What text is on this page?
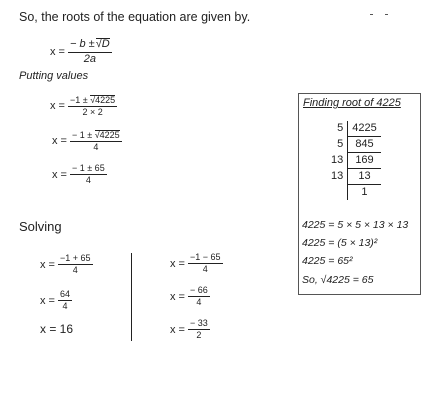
So, the roots of the equation are given by.
$x = \frac{- b \pm√D}{2a}$
Putting values
$x = \frac{-1 \pm √4225}{2 \times 2}$
$x = \frac{- 1 \pm √4225}{4}$
$x = \frac{- 1 \pm 65}{4}$
Solving
$x = \frac{-1 + 65}{4}$
$x = \frac{64}{4}$
x = 16
$x = \frac{-1 - 65}{4}$
$x = \frac{- 66}{4}$
$x = \frac{- 33}{2}$
Finding root of 4225
5	4225
5	845
13	169
13	13
	1
4225 = 5 × 5 × 13 × 13
4225 = (5 × 13)²
4225 = 65²
So, √4225 = 65
